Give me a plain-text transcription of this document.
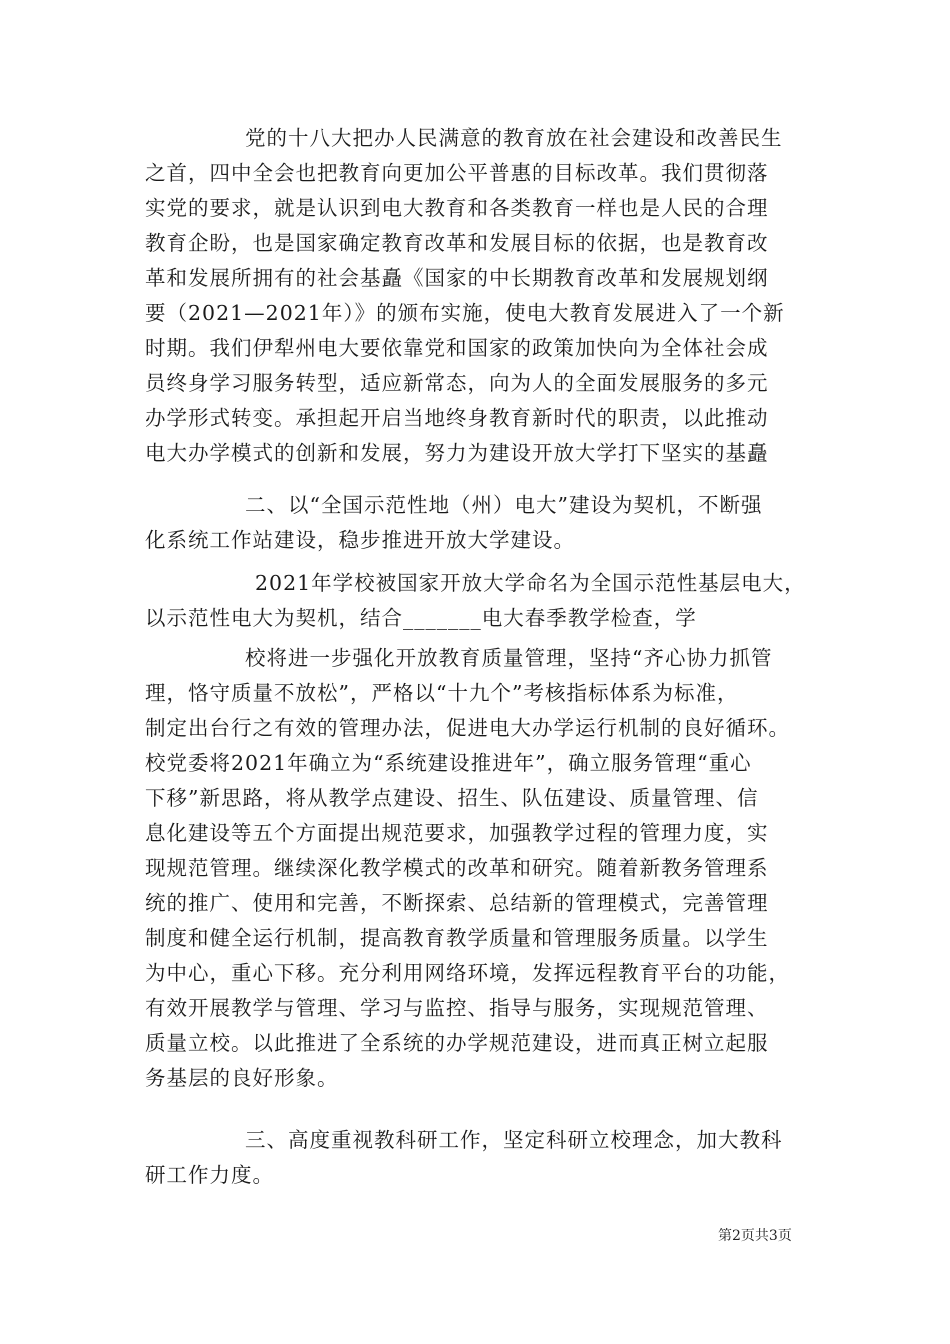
党的十八大把办人民满意的教育放在社会建设和改善民生
之首，四中全会也把教育向更加公平普惠的目标改革。我们贯彻落
实党的要求，就是认识到电大教育和各类教育一样也是人民的合理
教育企盼，也是国家确定教育改革和发展目标的依据，也是教育改
革和发展所拥有的社会基矗《国家的中长期教育改革和发展规划纲
要（2021—2021年）》的颁布实施，使电大教育发展进入了一个新
时期。我们伊犁州电大要依靠党和国家的政策加快向为全体社会成
员终身学习服务转型，适应新常态，向为人的全面发展服务的多元
办学形式转变。承担起开启当地终身教育新时代的职责，以此推动
电大办学模式的创新和发展，努力为建设开放大学打下坚实的基矗
二、以“全国示范性地（州）电大”建设为契机，不断强
化系统工作站建设，稳步推进开放大学建设。
2021年学校被国家开放大学命名为全国示范性基层电大，
以示范性电大为契机，结合_______电大春季教学检查，学
校将进一步强化开放教育质量管理，坚持“齐心协力抓管
理，恪守质量不放松”，严格以“十九个”考核指标体系为标准，
制定出台行之有效的管理办法，促进电大办学运行机制的良好循环。
校党委将2021年确立为“系统建设推进年”，确立服务管理“重心
下移”新思路，将从教学点建设、招生、队伍建设、质量管理、信
息化建设等五个方面提出规范要求，加强教学过程的管理力度，实
现规范管理。继续深化教学模式的改革和研究。随着新教务管理系
统的推广、使用和完善，不断探索、总结新的管理模式，完善管理
制度和健全运行机制，提高教育教学质量和管理服务质量。以学生
为中心，重心下移。充分利用网络环境，发挥远程教育平台的功能，
有效开展教学与管理、学习与监控、指导与服务，实现规范管理、
质量立校。以此推进了全系统的办学规范建设，进而真正树立起服
务基层的良好形象。
三、高度重视教科研工作，坚定科研立校理念，加大教科
研工作力度。
第2页共3页
